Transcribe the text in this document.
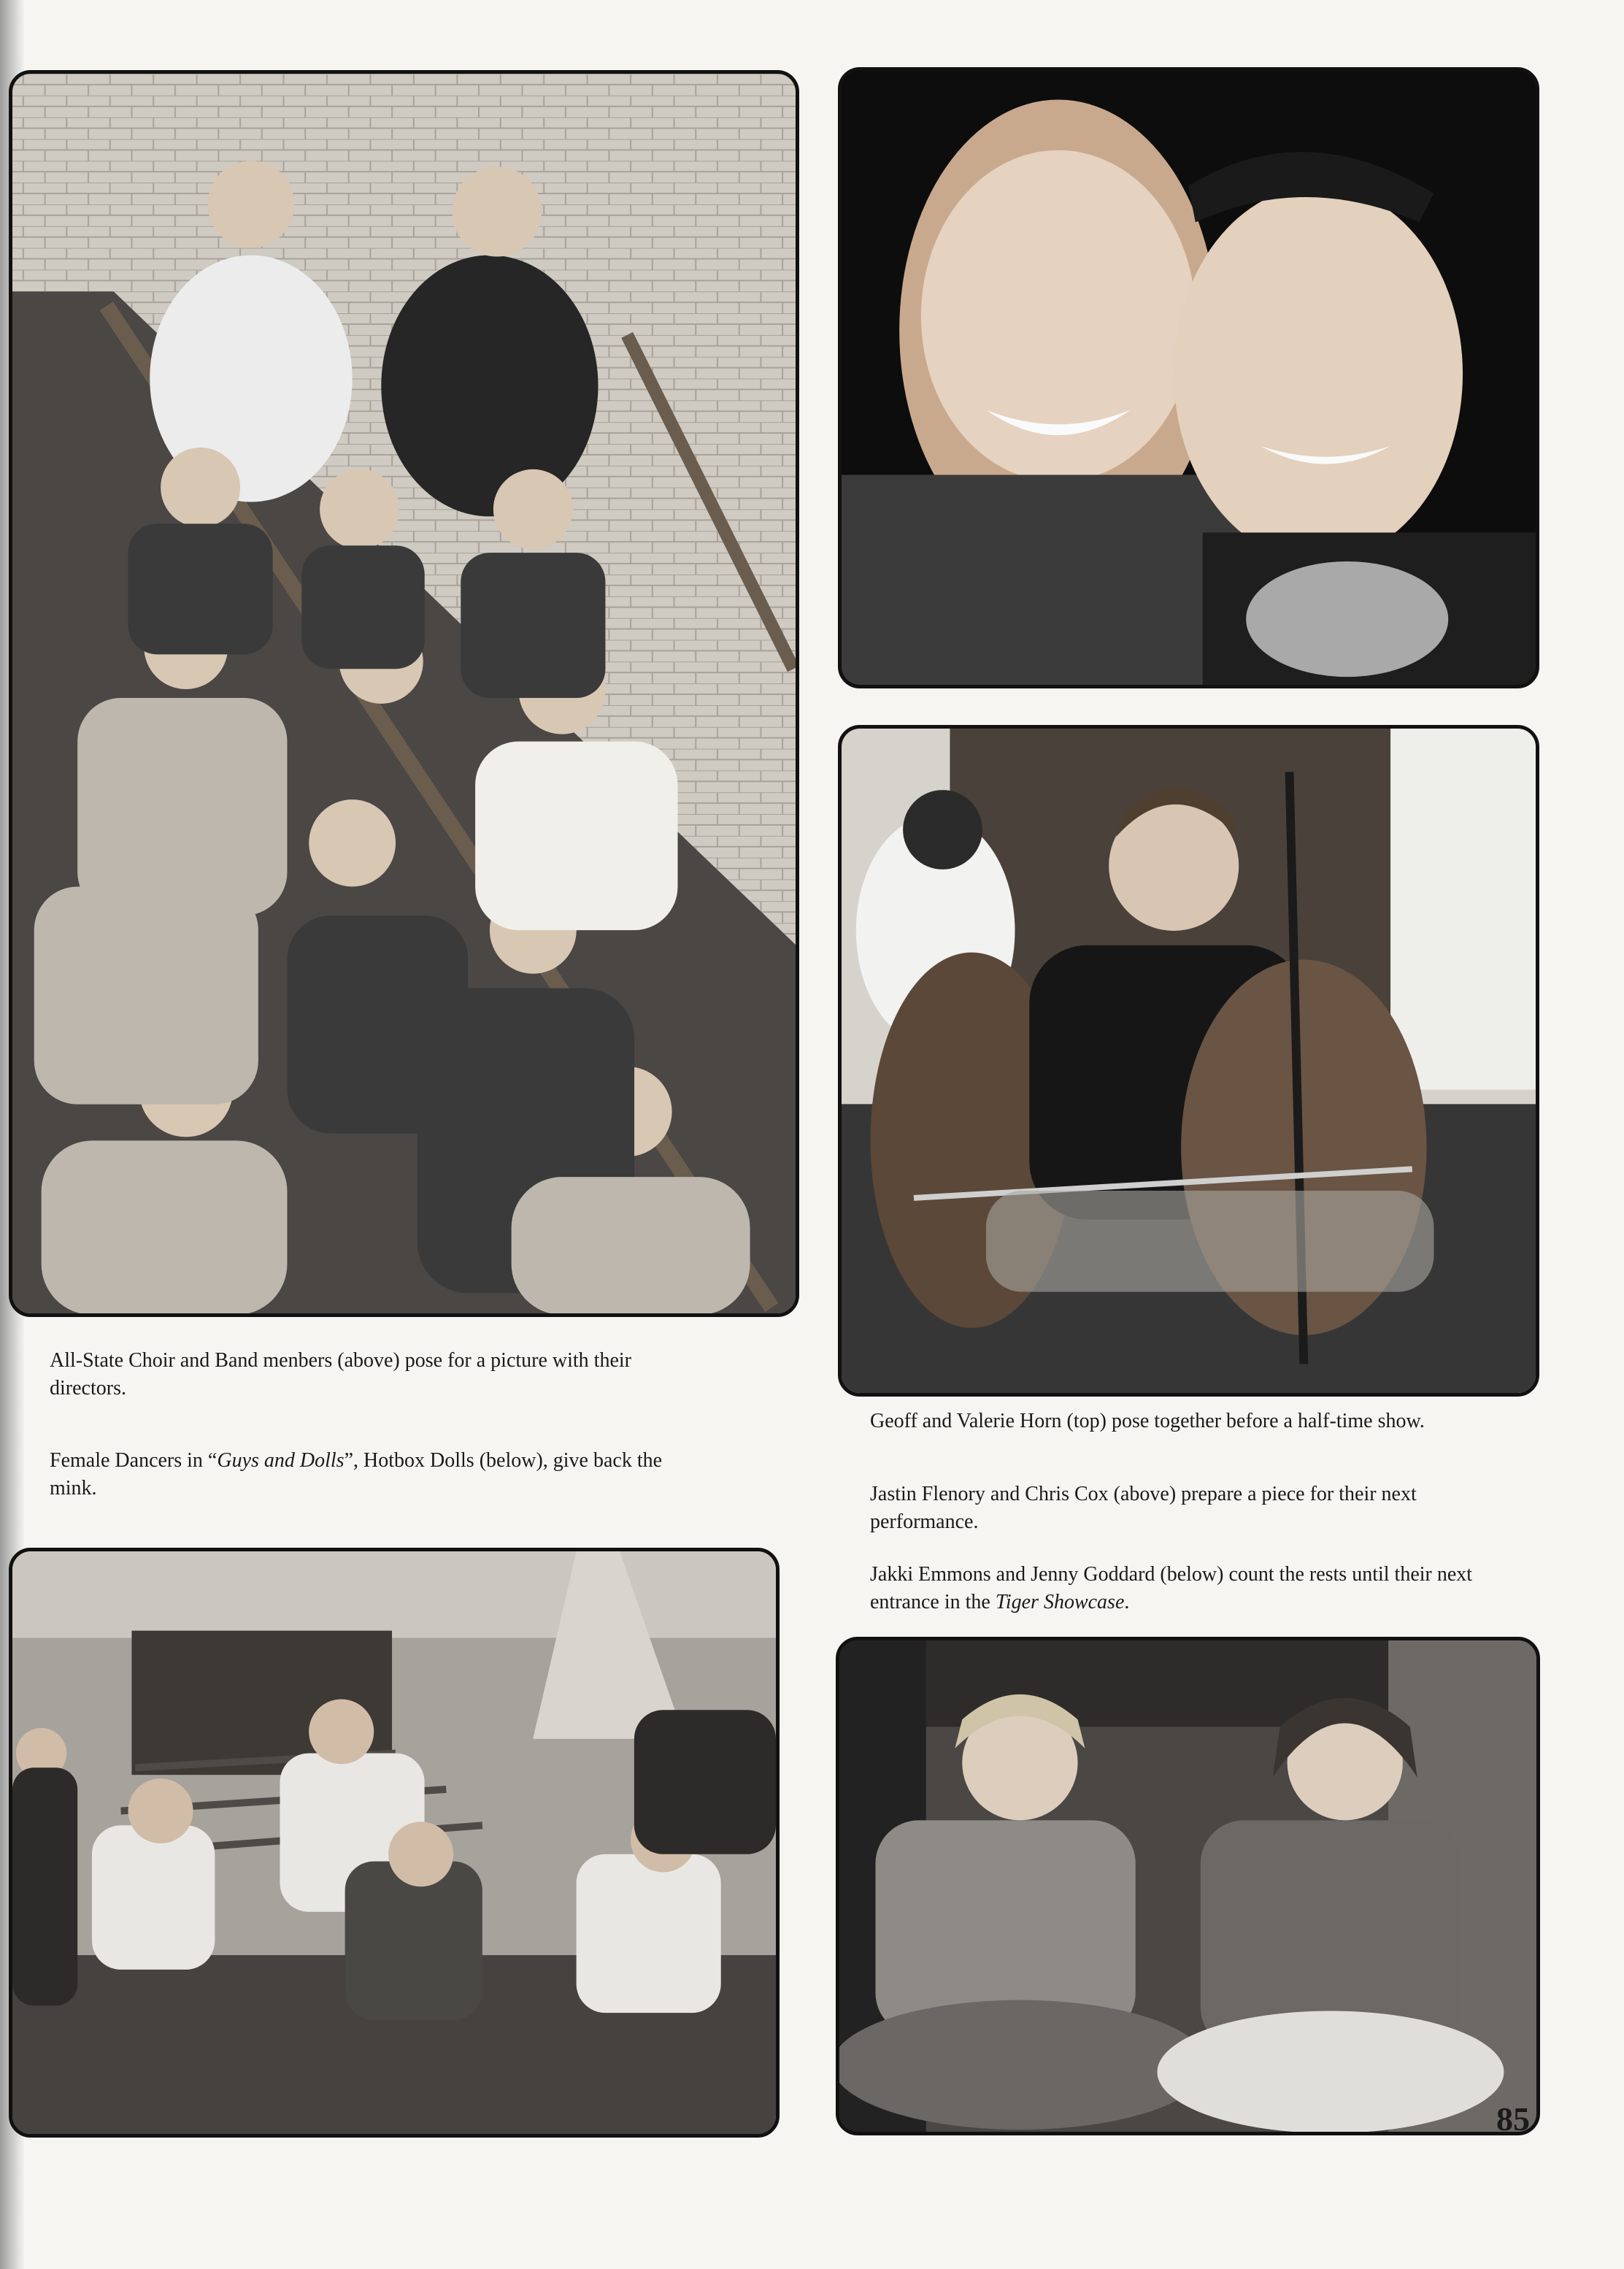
All-State Choir and Band menbers (above) pose for a picture with their directors.

Female Dancers in “Guys and Dolls”, Hotbox Dolls (below), give back the mink.

Geoff and Valerie Horn (top) pose together before a half-time show.

Jastin Flenory and Chris Cox (above) prepare a piece for their next performance.

Jakki Emmons and Jenny Goddard (below) count the rests until their next entrance in the Tiger Showcase.

85
